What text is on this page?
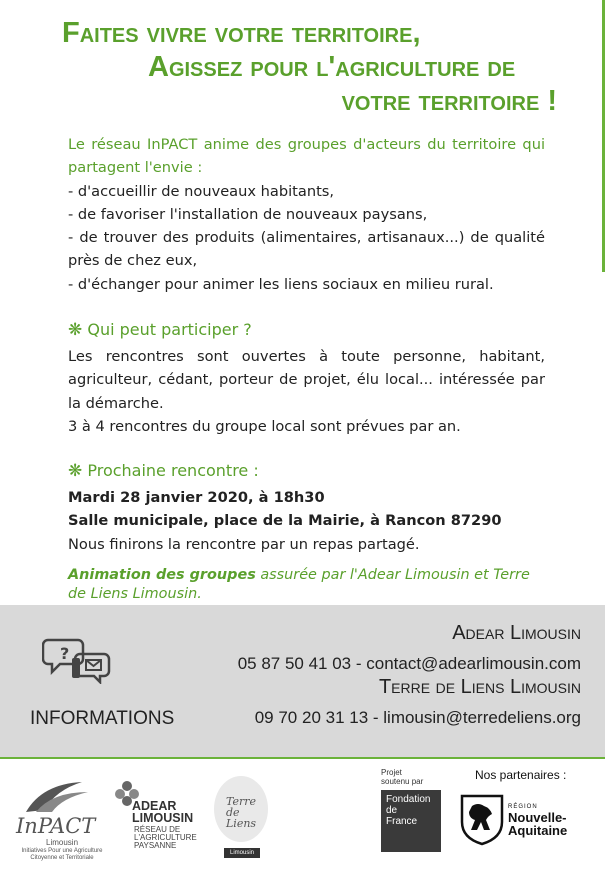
Faites vivre votre territoire,
Agissez pour l'agriculture de
votre territoire !
Le réseau InPACT anime des groupes d'acteurs du territoire qui partagent l'envie :
- d'accueillir de nouveaux habitants,
- de favoriser l'installation de nouveaux paysans,
- de trouver des produits (alimentaires, artisanaux...) de qualité près de chez eux,
- d'échanger pour animer les liens sociaux en milieu rural.
❋ Qui peut participer ?
Les rencontres sont ouvertes à toute personne, habitant, agriculteur, cédant, porteur de projet, élu local... intéressée par la démarche.
3 à 4 rencontres du groupe local sont prévues par an.
❋ Prochaine rencontre :
Mardi 28 janvier 2020, à 18h30
Salle municipale, place de la Mairie, à Rancon 87290
Nous finirons la rencontre par un repas partagé.
Animation des groupes assurée par l'Adear Limousin et Terre de Liens Limousin.
?
INFORMATIONS
Adear Limousin
05 87 50 41 03 - contact@adearlimousin.com
Terre de Liens Limousin
09 70 20 31 13 - limousin@terredeliens.org
InPACT
Limousin
Initiatives Pour une Agriculture Citoyenne et Territoriale
ADEAR
LIMOUSIN
RÉSEAU DE
L'AGRICULTURE
PAYSANNE
Terre
de Liens
Limousin
Projet
soutenu par
Fondation
de
France
Nos partenaires :
RÉGION
Nouvelle-
Aquitaine
